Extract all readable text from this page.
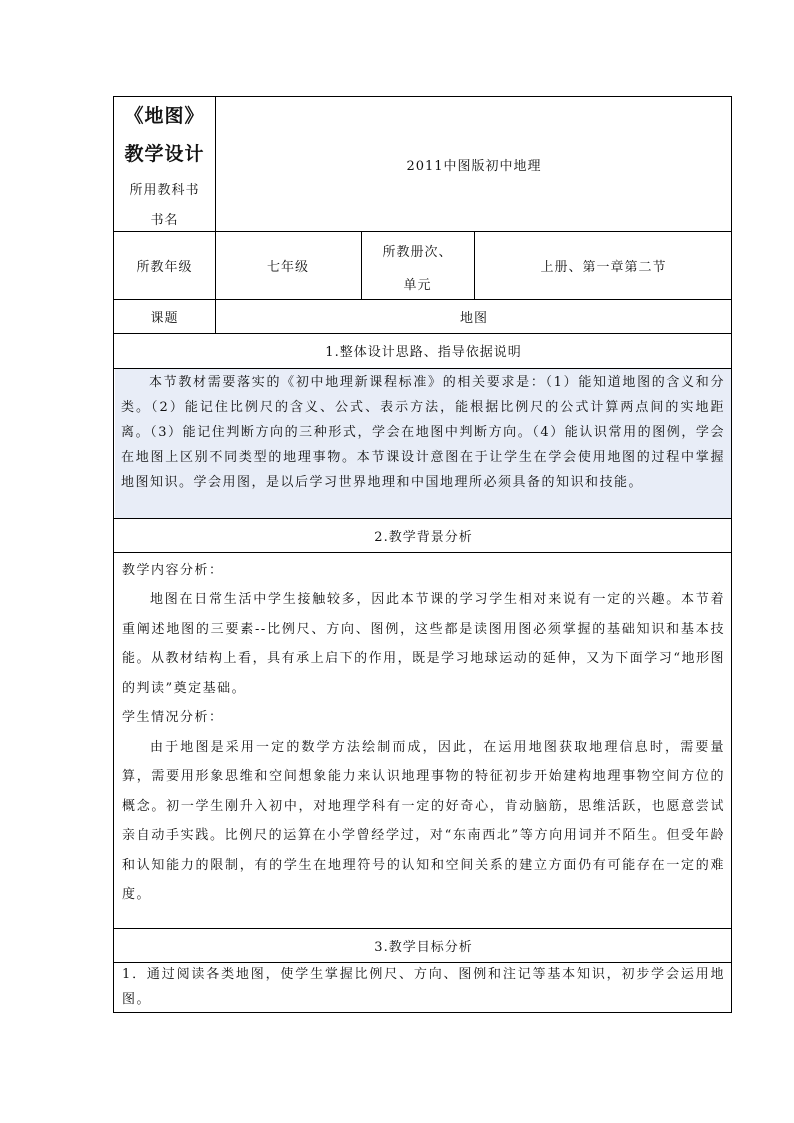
《地图》
教学设计
所用教科书
书名
2011中图版初中地理
所教年级	七年级
所教册次、
单元
上册、第一章第二节
课题	地图
1.整体设计思路、指导依据说明
本节教材需要落实的《初中地理新课程标准》的相关要求是：（1）能知道地图的含义和分类。（2）能记住比例尺的含义、公式、表示方法，能根据比例尺的公式计算两点间的实地距离。（3）能记住判断方向的三种形式，学会在地图中判断方向。（4）能认识常用的图例，学会在地图上区别不同类型的地理事物。本节课设计意图在于让学生在学会使用地图的过程中掌握地图知识。学会用图，是以后学习世界地理和中国地理所必须具备的知识和技能。
2.教学背景分析
教学内容分析：
地图在日常生活中学生接触较多，因此本节课的学习学生相对来说有一定的兴趣。本节着重阐述地图的三要素--比例尺、方向、图例，这些都是读图用图必须掌握的基础知识和基本技能。从教材结构上看，具有承上启下的作用，既是学习地球运动的延伸，又为下面学习“地形图的判读”奠定基础。
学生情况分析：
由于地图是采用一定的数学方法绘制而成，因此，在运用地图获取地理信息时，需要量算，需要用形象思维和空间想象能力来认识地理事物的特征初步开始建构地理事物空间方位的概念。初一学生刚升入初中，对地理学科有一定的好奇心，肯动脑筋，思维活跃，也愿意尝试亲自动手实践。比例尺的运算在小学曾经学过，对“东南西北”等方向用词并不陌生。但受年龄和认知能力的限制，有的学生在地理符号的认知和空间关系的建立方面仍有可能存在一定的难度。
3.教学目标分析
1．通过阅读各类地图，使学生掌握比例尺、方向、图例和注记等基本知识，初步学会运用地图。
